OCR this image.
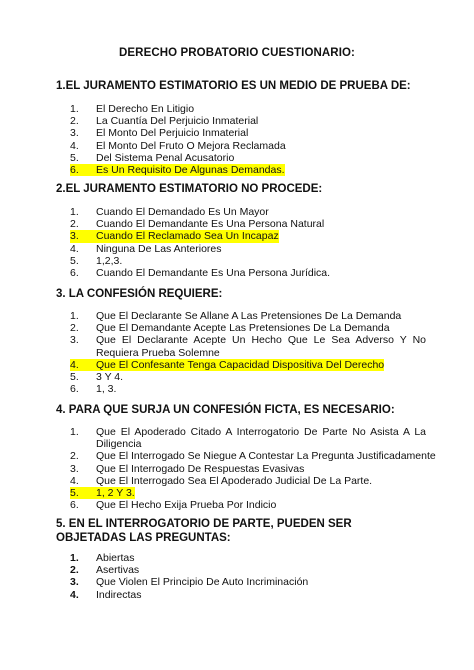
DERECHO PROBATORIO CUESTIONARIO:
1.EL JURAMENTO ESTIMATORIO ES UN MEDIO DE PRUEBA DE:
1.	El Derecho En Litigio
2.	La Cuantía Del Perjuicio Inmaterial
3.	El Monto Del Perjuicio Inmaterial
4.	El Monto Del Fruto O Mejora Reclamada
5.	Del Sistema Penal Acusatorio
6.	Es Un Requisito De Algunas Demandas.
2.EL JURAMENTO ESTIMATORIO NO PROCEDE:
1.	Cuando El Demandado Es Un Mayor
2.	Cuando El Demandante Es Una Persona Natural
3.	Cuando El Reclamado Sea Un Incapaz
4.	Ninguna De Las Anteriores
5.	1,2,3.
6.	Cuando El Demandante Es Una Persona Jurídica.
3. LA CONFESIÓN REQUIERE:
1.	Que El Declarante Se Allane A Las Pretensiones De La Demanda
2.	Que El Demandante Acepte Las Pretensiones De La Demanda
3.	Que El Declarante Acepte Un Hecho Que Le Sea Adverso Y No Requiera Prueba Solemne
4.	Que El Confesante Tenga Capacidad Dispositiva Del Derecho
5.	3 Y 4.
6.	1, 3.
4. PARA QUE SURJA UN CONFESIÓN FICTA, ES NECESARIO:
1.	Que El Apoderado Citado A Interrogatorio De Parte No Asista A La Diligencia
2.	Que El Interrogado Se Niegue A Contestar La Pregunta Justificadamente
3.	Que El Interrogado De Respuestas Evasivas
4.	Que El Interrogado Sea El Apoderado Judicial De La Parte.
5.	1, 2 Y 3.
6.	Que El Hecho Exija Prueba Por Indicio
5. EN EL INTERROGATORIO DE PARTE, PUEDEN SER OBJETADAS LAS PREGUNTAS:
1.	Abiertas
2.	Asertivas
3.	Que Violen El Principio De Auto Incriminación
4.	Indirectas
